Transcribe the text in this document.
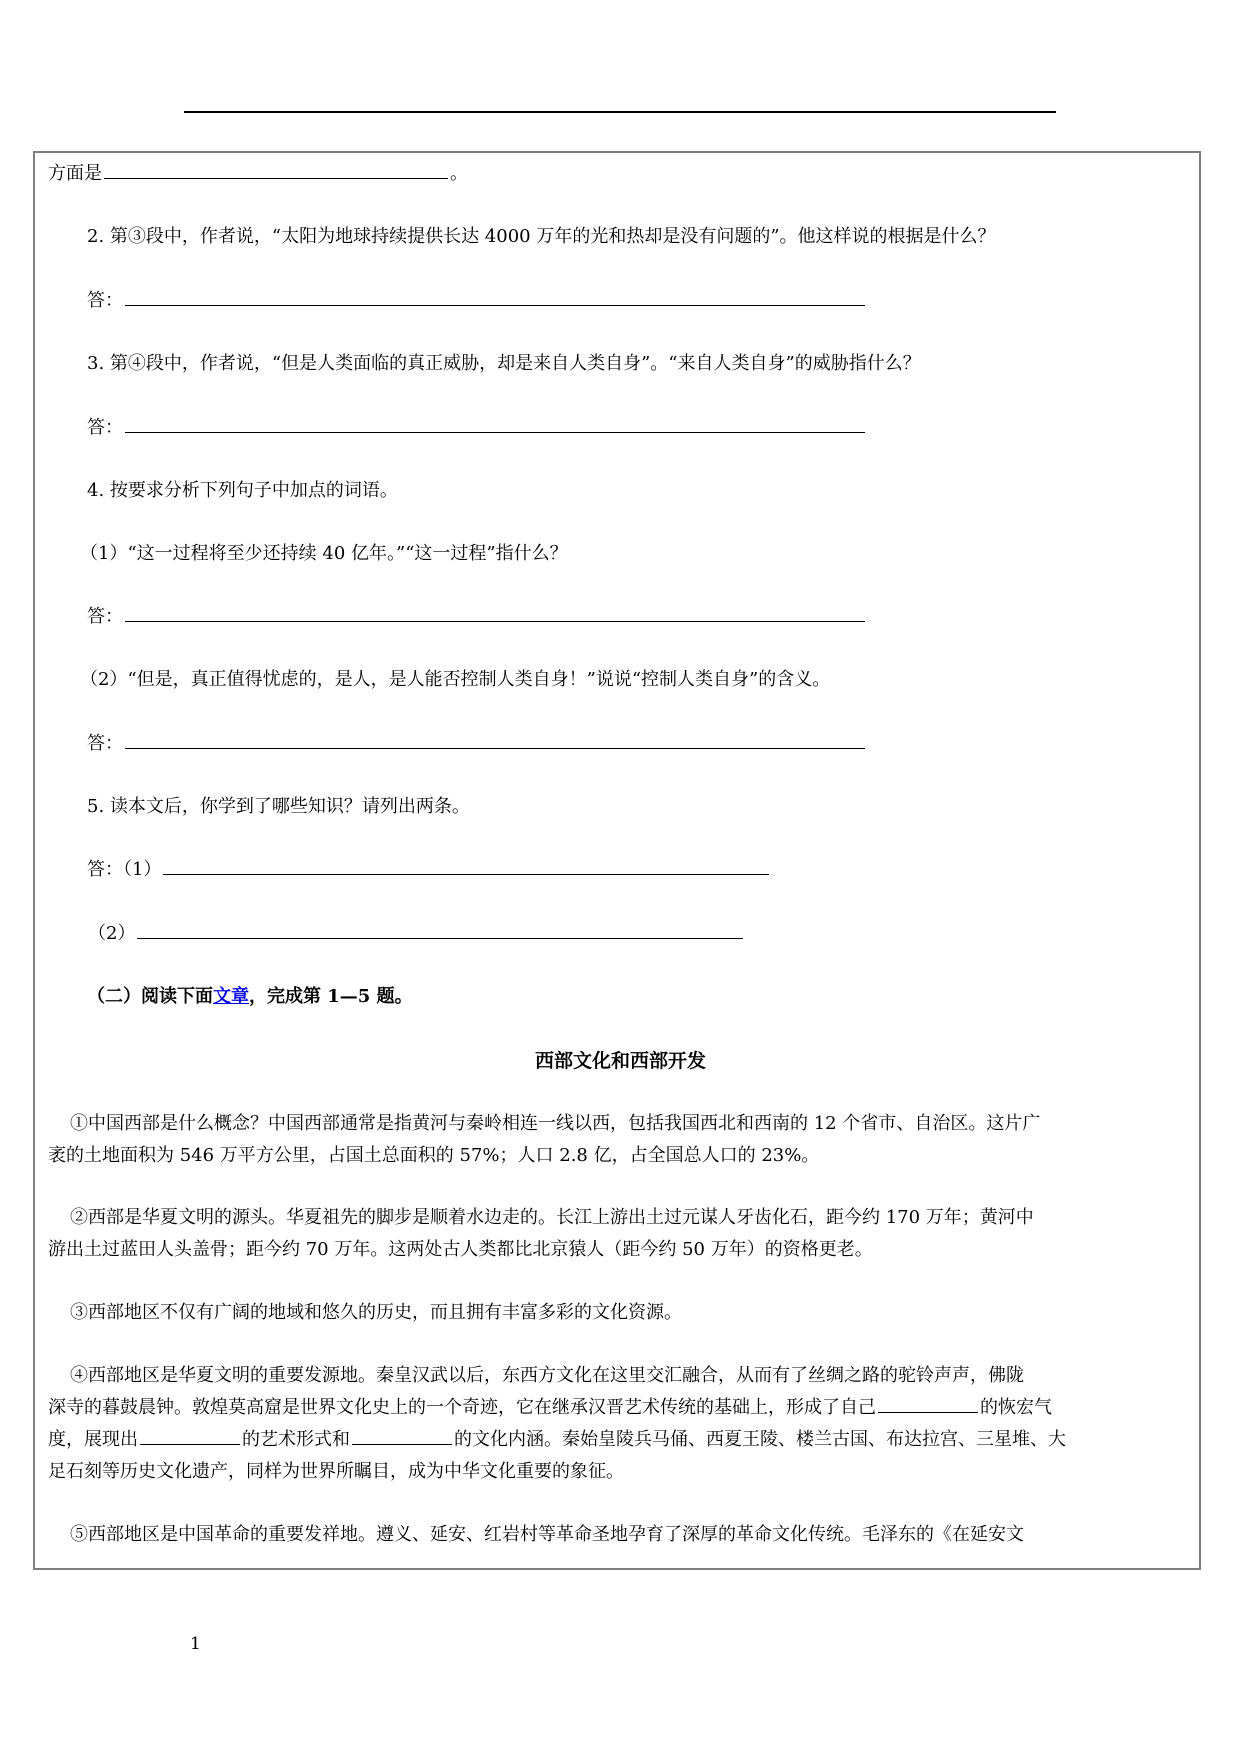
方面是	。
2. 第③段中，作者说，“太阳为地球持续提供长达 4000 万年的光和热却是没有问题的”。他这样说的根据是什么？
答：
3. 第④段中，作者说，“但是人类面临的真正威胁，却是来自人类自身”。“来自人类自身”的威胁指什么？
答：
4. 按要求分析下列句子中加点的词语。
（1）“这一过程将至少还持续 40 亿年。”“这一过程”指什么？
答：
（2）“但是，真正值得忧虑的，是人，是人能否控制人类自身！”说说“控制人类自身”的含义。
答：
5. 读本文后，你学到了哪些知识？请列出两条。
答：（1）
（2）
（二）阅读下面文章，完成第 1—5 题。
西部文化和西部开发
①中国西部是什么概念？中国西部通常是指黄河与秦岭相连一线以西，包括我国西北和西南的 12 个省市、自治区。这片广
袤的土地面积为 546 万平方公里，占国土总面积的 57%；人口 2.8 亿，占全国总人口的 23%。
②西部是华夏文明的源头。华夏祖先的脚步是顺着水边走的。长江上游出土过元谋人牙齿化石，距今约 170 万年；黄河中
游出土过蓝田人头盖骨；距今约 70 万年。这两处古人类都比北京猿人（距今约 50 万年）的资格更老。
③西部地区不仅有广阔的地域和悠久的历史，而且拥有丰富多彩的文化资源。
④西部地区是华夏文明的重要发源地。秦皇汉武以后，东西方文化在这里交汇融合，从而有了丝绸之路的驼铃声声，佛陇
深寺的暮鼓晨钟。敦煌莫高窟是世界文化史上的一个奇迹，它在继承汉晋艺术传统的基础上，形成了自己	的恢宏气
度，展现出	的艺术形式和	的文化内涵。秦始皇陵兵马俑、西夏王陵、楼兰古国、布达拉宫、三星堆、大
足石刻等历史文化遗产，同样为世界所瞩目，成为中华文化重要的象征。
⑤西部地区是中国革命的重要发祥地。遵义、延安、红岩村等革命圣地孕育了深厚的革命文化传统。毛泽东的《在延安文
1
